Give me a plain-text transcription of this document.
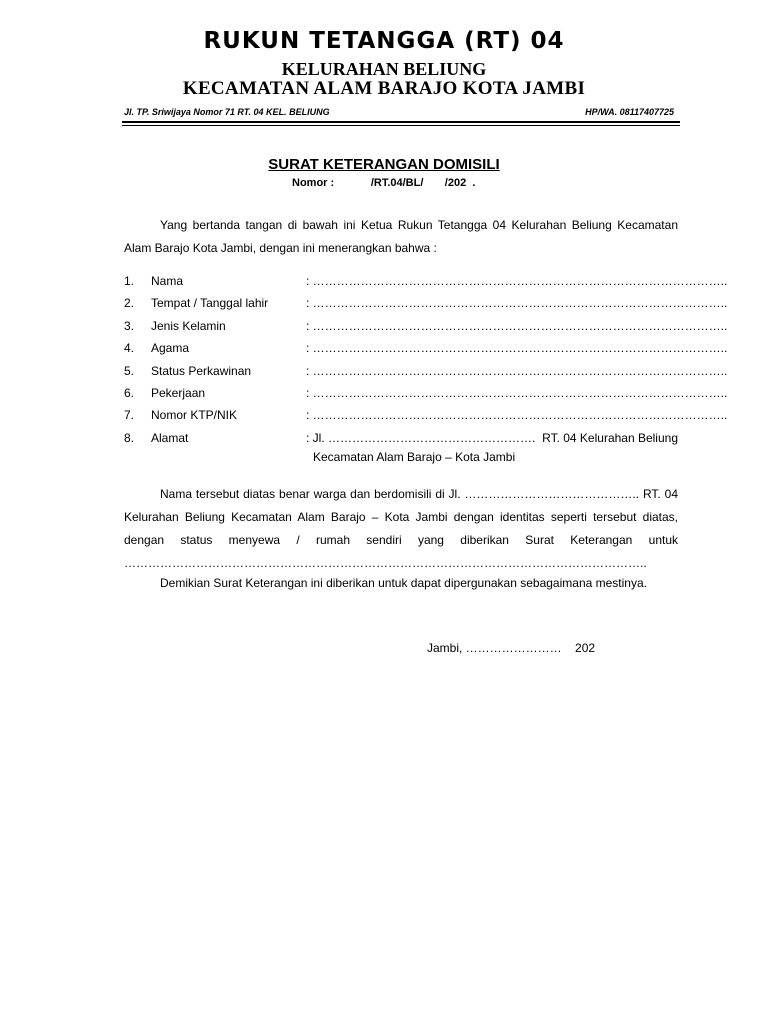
RUKUN TETANGGA (RT) 04
KELURAHAN BELIUNG
KECAMATAN ALAM BARAJO KOTA JAMBI
Jl. TP. Sriwijaya Nomor 71 RT. 04 KEL. BELIUNG	HP/WA. 08117407725
SURAT KETERANGAN DOMISILI
Nomor :            /RT.04/BL/       /202  .
Yang bertanda tangan di bawah ini Ketua Rukun Tetangga 04 Kelurahan Beliung Kecamatan Alam Barajo Kota Jambi, dengan ini menerangkan bahwa :
1. Nama	: …………………………………………………………………………………………..
2. Tempat / Tanggal lahir	: …………………………………………………………………………………………..
3. Jenis Kelamin	: …………………………………………………………………………………………..
4. Agama	: …………………………………………………………………………………………..
5. Status Perkawinan	: …………………………………………………………………………………………..
6. Pekerjaan	: …………………………………………………………………………………………..
7. Nomor KTP/NIK	: …………………………………………………………………………………………..
8. Alamat	: Jl. ……………………………………………. RT. 04 Kelurahan Beliung
Kecamatan Alam Barajo – Kota Jambi
Nama tersebut diatas benar warga dan berdomisili di Jl. …………………………………….. RT. 04 Kelurahan Beliung Kecamatan Alam Barajo – Kota Jambi dengan identitas seperti tersebut diatas, dengan status menyewa / rumah sendiri yang diberikan Surat Keterangan untuk …………………………………………………………………………………………………………………..
Demikian Surat Keterangan ini diberikan untuk dapat dipergunakan sebagaimana mestinya.
Jambi, ……………………    202
